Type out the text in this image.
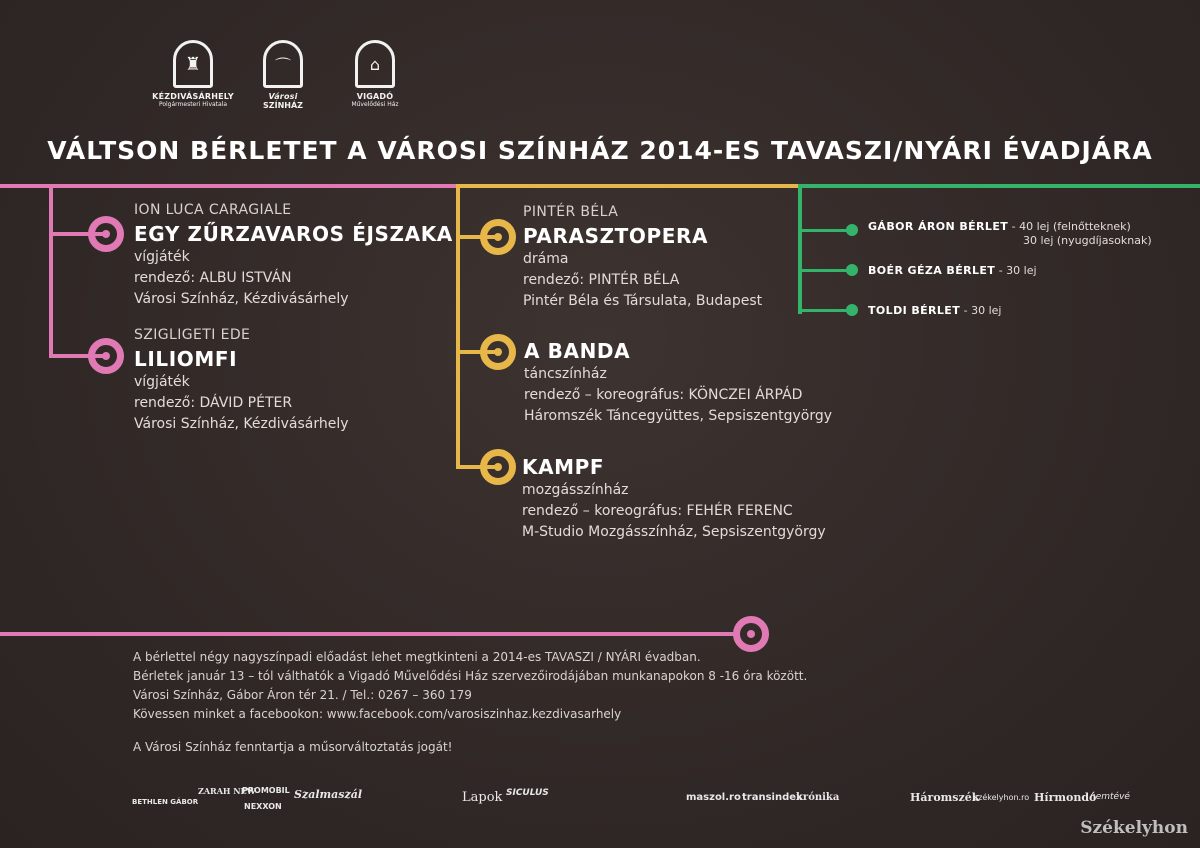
♜
KÉZDIVÁSÁRHELY
Polgármesteri Hivatala
⌒
Városi
SZÍNHÁZ
⌂
VIGADÓ
Művelődési Ház
VÁLTSON BÉRLETET A VÁROSI SZÍNHÁZ 2014-ES TAVASZI/NYÁRI ÉVADJÁRA
ION LUCA CARAGIALE
EGY ZŰRZAVAROS ÉJSZAKA
vígjáték
rendező: ALBU ISTVÁN
Városi Színház, Kézdivásárhely
SZIGLIGETI EDE
LILIOMFI
vígjáték
rendező: DÁVID PÉTER
Városi Színház, Kézdivásárhely
PINTÉR BÉLA
PARASZTOPERA
dráma
rendező: PINTÉR BÉLA
Pintér Béla és Társulata, Budapest
A BANDA
táncszínház
rendező – koreográfus: KÖNCZEI ÁRPÁD
Háromszék Táncegyüttes, Sepsiszentgyörgy
KAMPF
mozgásszínház
rendező – koreográfus: FEHÉR FERENC
M-Studio Mozgásszínház, Sepsiszentgyörgy
GÁBOR ÁRON BÉRLET - 40 lej (felnőtteknek)
30 lej (nyugdíjasoknak)
BOÉR GÉZA BÉRLET - 30 lej
TOLDI BÉRLET - 30 lej
A bérlettel négy nagyszínpadi előadást lehet megtkinteni a 2014-es TAVASZI / NYÁRI évadban.
Bérletek január 13 – tól válthatók a Vigadó Művelődési Ház szervezőirodájában munkanapokon 8 -16 óra között.
Városi Színház, Gábor Áron tér 21. / Tel.: 0267 – 360 179
Kövessen minket a facebookon: www.facebook.com/varosiszinhaz.kezdivasarhely
A Városi Színház fenntartja a műsorváltoztatás jogát!
BETHLEN GÁBOR
ZARAH NEW
PROMOBIL
NEXXON
Szalmaszál	Lapok SICULUS	maszol.ro transindex
krónika	Háromszék
székelyhon.ro Hírmondó
nemtévé
Székelyhon
